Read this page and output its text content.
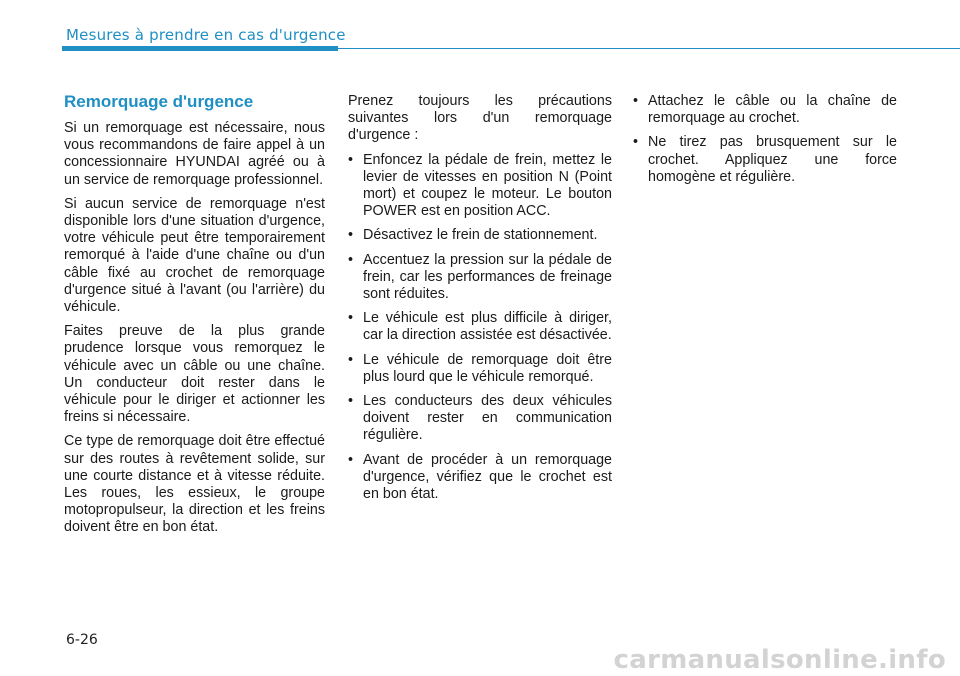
Mesures à prendre en cas d'urgence
Remorquage d'urgence

Si un remorquage est nécessaire, nous vous recommandons de faire appel à un concessionnaire HYUNDAI agréé ou à un service de remorquage professionnel.

Si aucun service de remorquage n'est disponible lors d'une situation d'urgence, votre véhicule peut être temporairement remorqué à l'aide d'une chaîne ou d'un câble fixé au crochet de remorquage d'urgence situé à l'avant (ou l'arrière) du véhicule.

Faites preuve de la plus grande prudence lorsque vous remorquez le véhicule avec un câble ou une chaîne. Un conducteur doit rester dans le véhicule pour le diriger et actionner les freins si nécessaire.

Ce type de remorquage doit être effectué sur des routes à revêtement solide, sur une courte distance et à vitesse réduite. Les roues, les essieux, le groupe motopropulseur, la direction et les freins doivent être en bon état.

Prenez toujours les précautions suivantes lors d'un remorquage d'urgence :

• Enfoncez la pédale de frein, mettez le levier de vitesses en position N (Point mort) et coupez le moteur. Le bouton POWER est en position ACC.
• Désactivez le frein de stationnement.
• Accentuez la pression sur la pédale de frein, car les performances de freinage sont réduites.
• Le véhicule est plus difficile à diriger, car la direction assistée est désactivée.
• Le véhicule de remorquage doit être plus lourd que le véhicule remorqué.
• Les conducteurs des deux véhicules doivent rester en communication régulière.
• Avant de procéder à un remorquage d'urgence, vérifiez que le crochet est en bon état.
• Attachez le câble ou la chaîne de remorquage au crochet.
• Ne tirez pas brusquement sur le crochet. Appliquez une force homogène et régulière.
6-26
carmanualsonline.info
